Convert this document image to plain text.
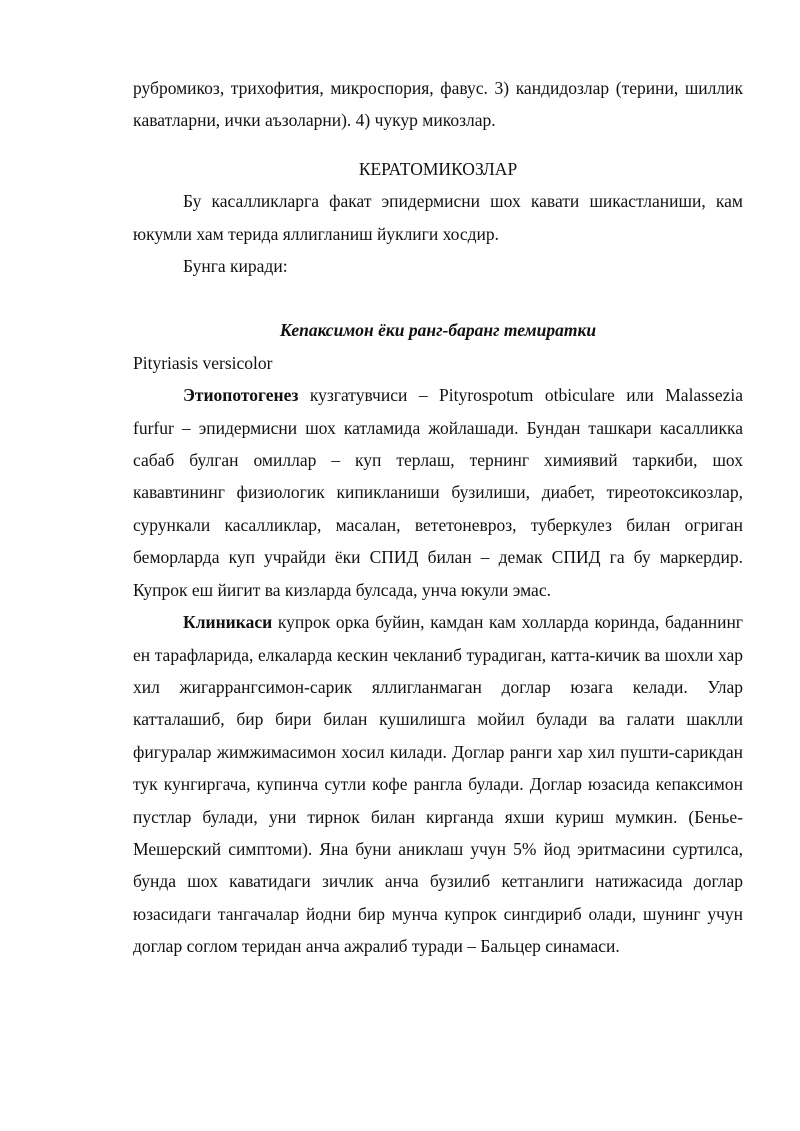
рубромикоз, трихофития, микроспория, фавус. 3) кандидозлар (терини, шиллик кaватларни, ички аъзоларни). 4) чукур микозлар.

КЕРАТОМИКОЗЛАР

Бу касалликларга факат эпидермисни шох кавати шикастланиши, кам юкумли хам терида яллигланиш йуклиги хосдир.

Бунга киради:

Кепаксимон ёки ранг-баранг темиратки

Pityriasis versicolor

Этиопотогенез кузгатувчиси – Pityrospotum otbiculare или Malassezia furfur – эпидермисни шох катламида жойлашади. Бундан ташкари касалликка сабаб булган омиллар – куп терлаш, тернинг химиявий таркиби, шох кававтининг физиологик кипикланиши бузилиши, диабет, тиреотоксикозлар, сурункали касалликлар, масалан, вететоневроз, туберкулез билан огриган беморларда куп учрайди ёки СПИД билан – демак СПИД га бу маркердир. Купрок еш йигит ва кизларда булсада, унча юкули эмас.

Клиникаси купрок орка буйин, камдан кам холларда коринда, баданнинг ен тарафларида, елкаларда кескин чекланиб турадиган, катта-кичик ва шохли хар хил жигаррангсимон-сарик яллигланмаган доглар юзага келади. Улар катталашиб, бир бири билан кушилишга мойил булади ва галати шаклли фигуралар жимжимасимон хосил килади. Доглар ранги хар хил пушти-сарикдан тук кунгиргача, купинча сутли кофе рангла булади. Доглар юзасида кепаксимон пустлар булади, уни тирнок билан кирганда яхши куриш мумкин. (Бенье-Мешерский симптоми). Яна буни аниклаш учун 5% йод эритмасини суртилса, бунда шох каватидаги зичлик анча бузилиб кетганлиги натижасида доглар юзасидаги тангачалар йодни бир мунча купрок сингдириб олади, шунинг учун доглар соглом теридан анча ажралиб туради – Бальцер синамаси.
